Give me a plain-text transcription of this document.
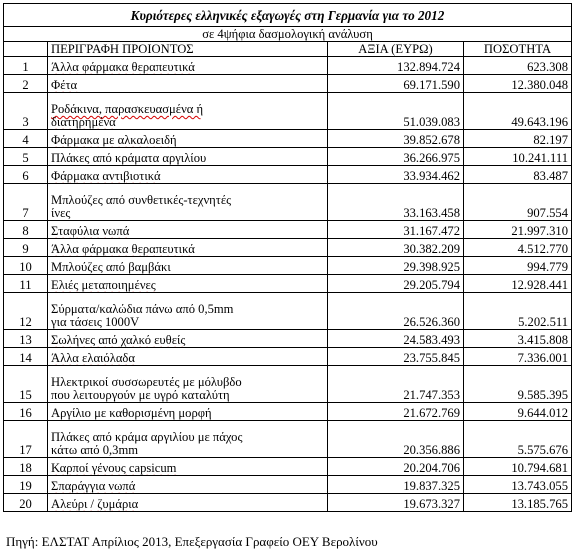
Κυριότερες ελληνικές εξαγωγές στη Γερμανία για το 2012			
σε 4ψήφια δασμολογική ανάλυση			
	ΠΕΡΙΓΡΑΦΗ ΠΡΟΙΟΝΤΟΣ	ΑΞΙΑ (ΕΥΡΩ)	ΠΟΣΟΤΗΤΑ
1	Άλλα φάρμακα θεραπευτικά	132.894.724	623.308
2	Φέτα	69.171.590	12.380.048
3	Ροδάκινα, παρασκευασμένα ή
διατηρημένα	51.039.083	49.643.196
4	Φάρμακα με αλκαλοειδή	39.852.678	82.197
5	Πλάκες από κράματα αργιλίου	36.266.975	10.241.111
6	Φάρμακα αντιβιοτικά	33.934.462	83.487
7	Μπλούζες από συνθετικές-τεχνητές
ίνες	33.163.458	907.554
8	Σταφύλια νωπά	31.167.472	21.997.310
9	Άλλα φάρμακα θεραπευτικά	30.382.209	4.512.770
10	Μπλούζες από βαμβάκι	29.398.925	994.779
11	Ελιές μεταποιημένες	29.205.794	12.928.441
12	Σύρματα/καλώδια πάνω από 0,5mm
για τάσεις 1000V	26.526.360	5.202.511
13	Σωλήνες από χαλκό ευθείς	24.583.493	3.415.808
14	Άλλα ελαιόλαδα	23.755.845	7.336.001
15	Ηλεκτρικοί συσσωρευτές με μόλυβδο
που λειτουργούν με υγρό καταλύτη	21.747.353	9.585.395
16	Αργίλιο με καθορισμένη μορφή	21.672.769	9.644.012
17	Πλάκες από κράμα αργιλίου με πάχος
κάτω από 0,3mm	20.356.886	5.575.676
18	Καρποί γένους capsicum	20.204.706	10.794.681
19	Σπαράγγια νωπά	19.837.325	13.743.055
20	Αλεύρι / ζυμάρια	19.673.327	13.185.765
Πηγή: ΕΛΣΤΑΤ Απρίλιος 2013, Επεξεργασία Γραφείο ΟΕΥ Βερολίνου
